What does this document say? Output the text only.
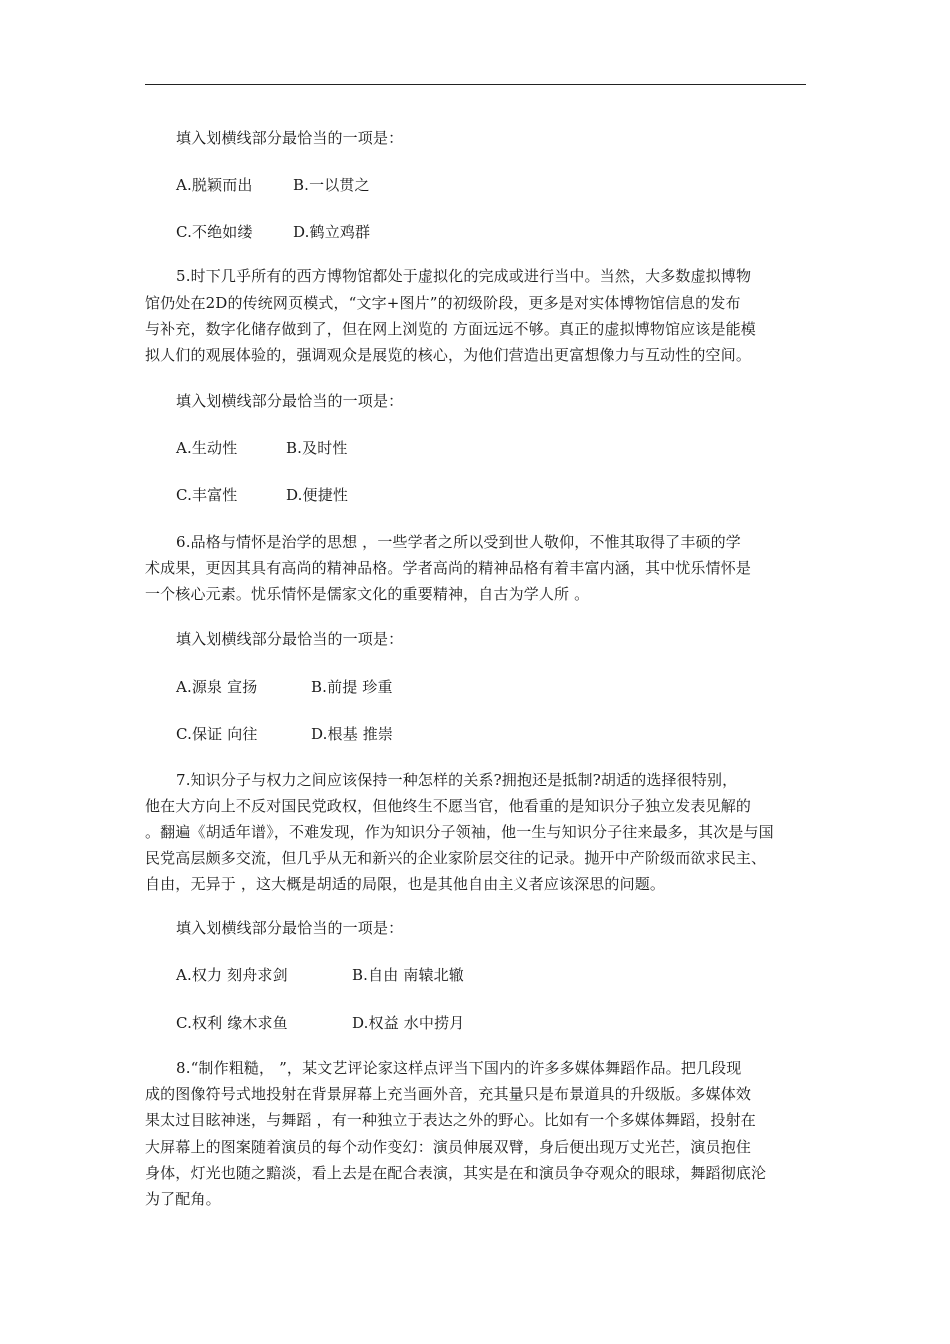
填入划横线部分最恰当的一项是：
A.脱颖而出	B.一以贯之
C.不绝如缕	D.鹤立鸡群
5.时下几乎所有的西方博物馆都处于虚拟化的完成或进行当中。当然，大多数虚拟博物
馆仍处在2D的传统网页模式，“文字+图片”的初级阶段，更多是对实体博物馆信息的发布
与补充，数字化储存做到了，但在网上浏览的 方面远远不够。真正的虚拟博物馆应该是能模
拟人们的观展体验的，强调观众是展览的核心，为他们营造出更富想像力与互动性的空间。
填入划横线部分最恰当的一项是：
A.生动性	B.及时性
C.丰富性	D.便捷性
6.品格与情怀是治学的思想 ，一些学者之所以受到世人敬仰，不惟其取得了丰硕的学
术成果，更因其具有高尚的精神品格。学者高尚的精神品格有着丰富内涵，其中忧乐情怀是
一个核心元素。忧乐情怀是儒家文化的重要精神，自古为学人所 。
填入划横线部分最恰当的一项是：
A.源泉 宣扬	B.前提 珍重
C.保证 向往	D.根基 推崇
7.知识分子与权力之间应该保持一种怎样的关系?拥抱还是抵制?胡适的选择很特别，
他在大方向上不反对国民党政权，但他终生不愿当官，他看重的是知识分子独立发表见解的
。翻遍《胡适年谱》，不难发现，作为知识分子领袖，他一生与知识分子往来最多，其次是与国
民党高层颇多交流，但几乎从无和新兴的企业家阶层交往的记录。抛开中产阶级而欲求民主、
自由，无异于 ，这大概是胡适的局限，也是其他自由主义者应该深思的问题。
填入划横线部分最恰当的一项是：
A.权力 刻舟求剑	B.自由 南辕北辙
C.权利 缘木求鱼	D.权益 水中捞月
8.“制作粗糙， ”，某文艺评论家这样点评当下国内的许多多媒体舞蹈作品。把几段现
成的图像符号式地投射在背景屏幕上充当画外音，充其量只是布景道具的升级版。多媒体效
果太过目眩神迷，与舞蹈 ，有一种独立于表达之外的野心。比如有一个多媒体舞蹈，投射在
大屏幕上的图案随着演员的每个动作变幻：演员伸展双臂，身后便出现万丈光芒，演员抱住
身体，灯光也随之黯淡，看上去是在配合表演，其实是在和演员争夺观众的眼球，舞蹈彻底沦
为了配角。
